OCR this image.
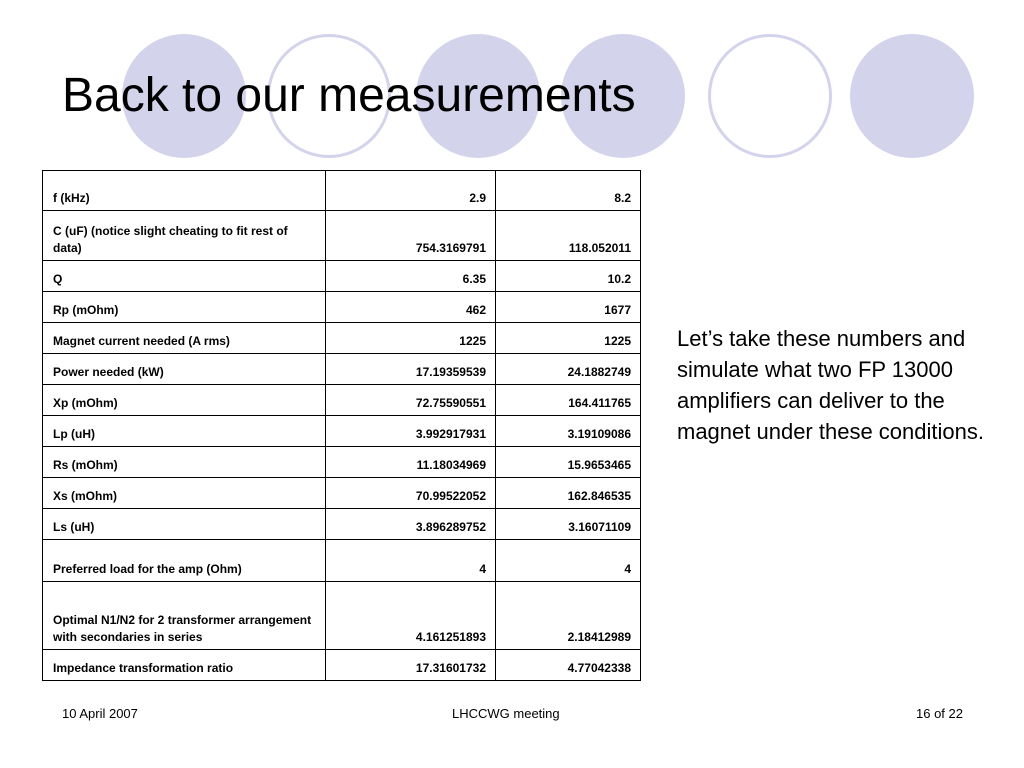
Back to our measurements
f (kHz)	2.9	8.2
C (uF) (notice slight cheating to fit rest of data)	754.3169791	118.052011
Q	6.35	10.2
Rp (mOhm)	462	1677
Magnet current needed (A rms)	1225	1225
Power needed (kW)	17.19359539	24.1882749
Xp (mOhm)	72.75590551	164.411765
Lp (uH)	3.992917931	3.19109086
Rs (mOhm)	11.18034969	15.9653465
Xs (mOhm)	70.99522052	162.846535
Ls (uH)	3.896289752	3.16071109
Preferred load for the amp (Ohm)	4	4
Optimal N1/N2 for 2 transformer arrangement with secondaries in series	4.161251893	2.18412989
Impedance transformation ratio	17.31601732	4.77042338

Let’s take these numbers and simulate what two FP 13000 amplifiers can deliver to the magnet under these conditions.

10 April 2007	LHCCWG meeting	16 of 22
